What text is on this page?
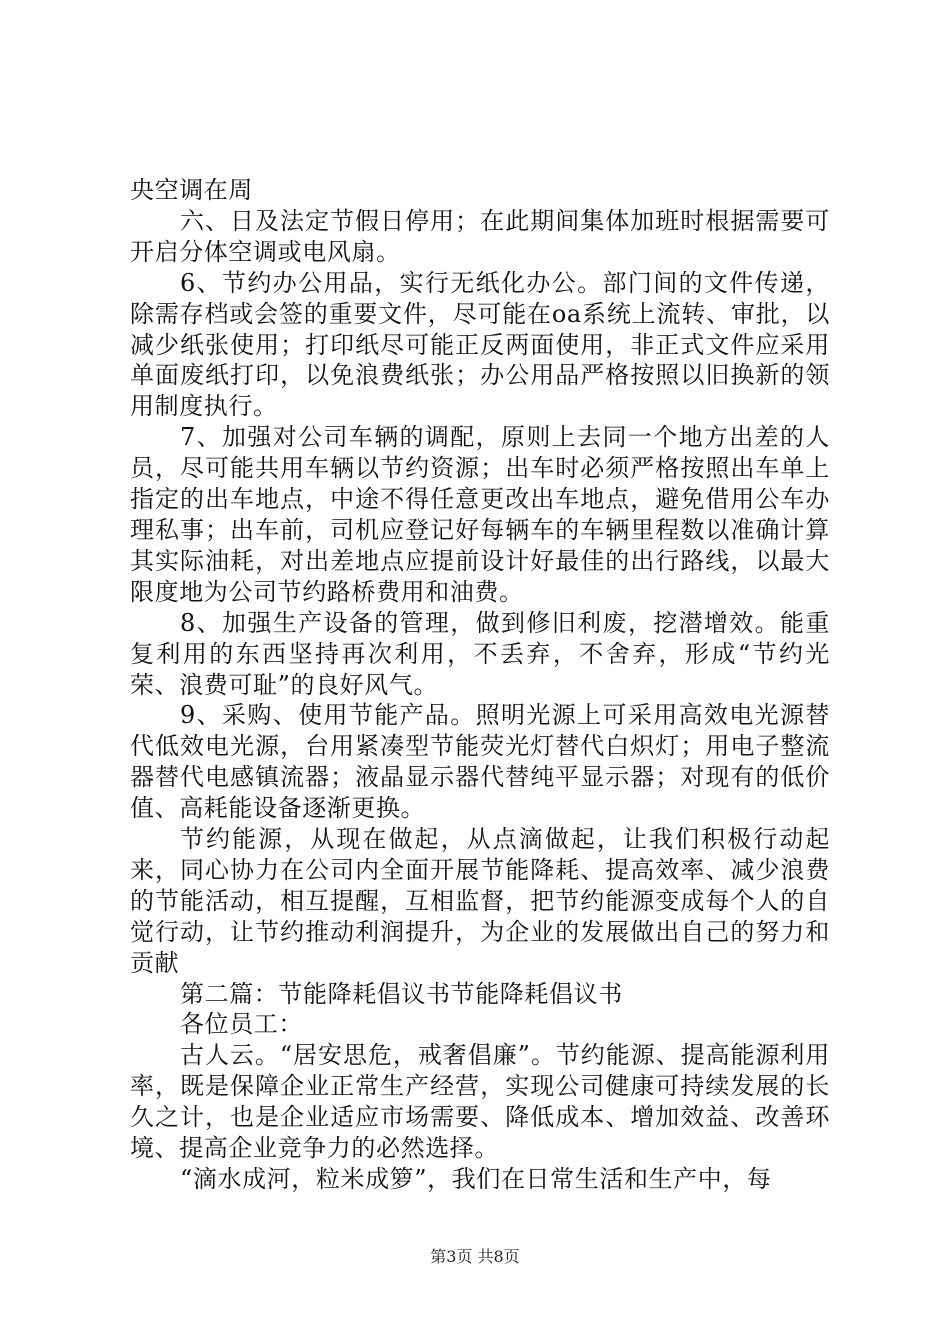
央空调在周

六、日及法定节假日停用；在此期间集体加班时根据需要可开启分体空调或电风扇。

6、节约办公用品，实行无纸化办公。部门间的文件传递，除需存档或会签的重要文件，尽可能在oa系统上流转、审批，以减少纸张使用；打印纸尽可能正反两面使用，非正式文件应采用单面废纸打印，以免浪费纸张；办公用品严格按照以旧换新的领用制度执行。

7、加强对公司车辆的调配，原则上去同一个地方出差的人员，尽可能共用车辆以节约资源；出车时必须严格按照出车单上指定的出车地点，中途不得任意更改出车地点，避免借用公车办理私事；出车前，司机应登记好每辆车的车辆里程数以准确计算其实际油耗，对出差地点应提前设计好最佳的出行路线，以最大限度地为公司节约路桥费用和油费。

8、加强生产设备的管理，做到修旧利废，挖潜增效。能重复利用的东西坚持再次利用，不丢弃，不舍弃，形成“节约光荣、浪费可耻”的良好风气。

9、采购、使用节能产品。照明光源上可采用高效电光源替代低效电光源，台用紧凑型节能荧光灯替代白炽灯；用电子整流器替代电感镇流器；液晶显示器代替纯平显示器；对现有的低价值、高耗能设备逐渐更换。

节约能源，从现在做起，从点滴做起，让我们积极行动起来，同心协力在公司内全面开展节能降耗、提高效率、减少浪费的节能活动，相互提醒，互相监督，把节约能源变成每个人的自觉行动，让节约推动利润提升，为企业的发展做出自己的努力和贡献

第二篇：节能降耗倡议书节能降耗倡议书

各位员工：

古人云。“居安思危，戒奢倡廉”。节约能源、提高能源利用率，既是保障企业正常生产经营，实现公司健康可持续发展的长久之计，也是企业适应市场需要、降低成本、增加效益、改善环境、提高企业竞争力的必然选择。

“滴水成河，粒米成箩”，我们在日常生活和生产中，每

第3页 共8页
